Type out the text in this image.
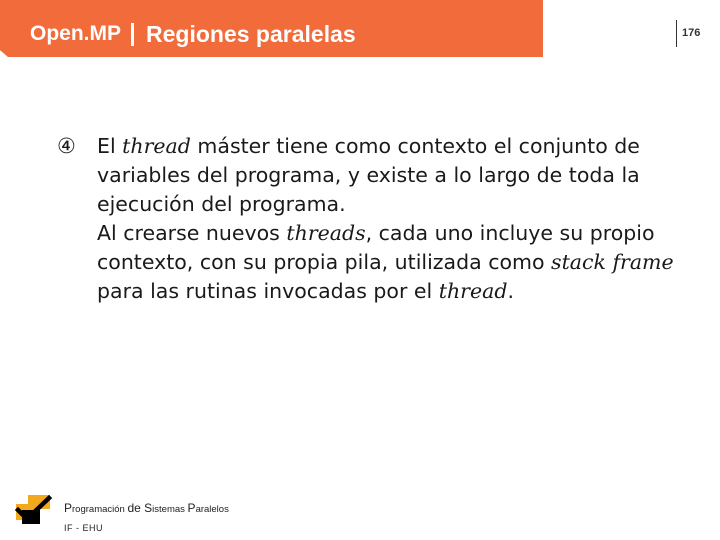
Open.MP Regiones paralelas	176
④	El thread máster tiene como contexto el conjunto de variables del programa, y existe a lo largo de toda la ejecución del programa.

Al crearse nuevos threads, cada uno incluye su propio contexto, con su propia pila, utilizada como stack frame para las rutinas invocadas por el thread.

Programación de Sistemas Paralelos
IF - EHU
